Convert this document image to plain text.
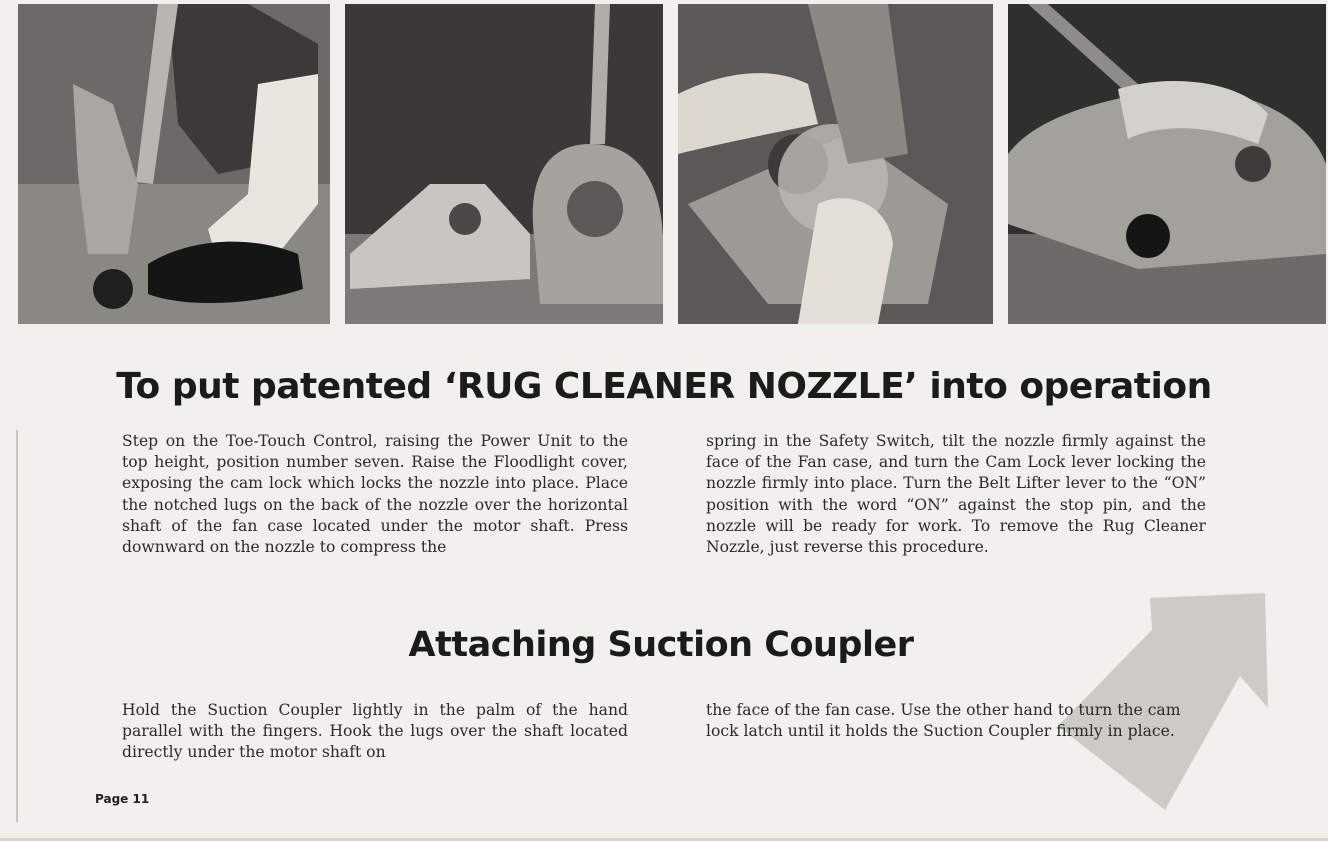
To put patented ‘RUG CLEANER NOZZLE’ into operation

Step on the Toe-Touch Control, raising the Power Unit to the top height, position number seven. Raise the Floodlight cover, exposing the cam lock which locks the nozzle into place. Place the notched lugs on the back of the nozzle over the horizontal shaft of the fan case located under the motor shaft. Press downward on the nozzle to compress the

spring in the Safety Switch, tilt the nozzle firmly against the face of the Fan case, and turn the Cam Lock lever locking the nozzle firmly into place. Turn the Belt Lifter lever to the “ON” position with the word “ON” against the stop pin, and the nozzle will be ready for work. To remove the Rug Cleaner Nozzle, just reverse this procedure.

Attaching Suction Coupler

Hold the Suction Coupler lightly in the palm of the hand parallel with the fingers. Hook the lugs over the shaft located directly under the motor shaft on

the face of the fan case. Use the other hand to turn the cam lock latch until it holds the Suction Coupler firmly in place.

Page 11
